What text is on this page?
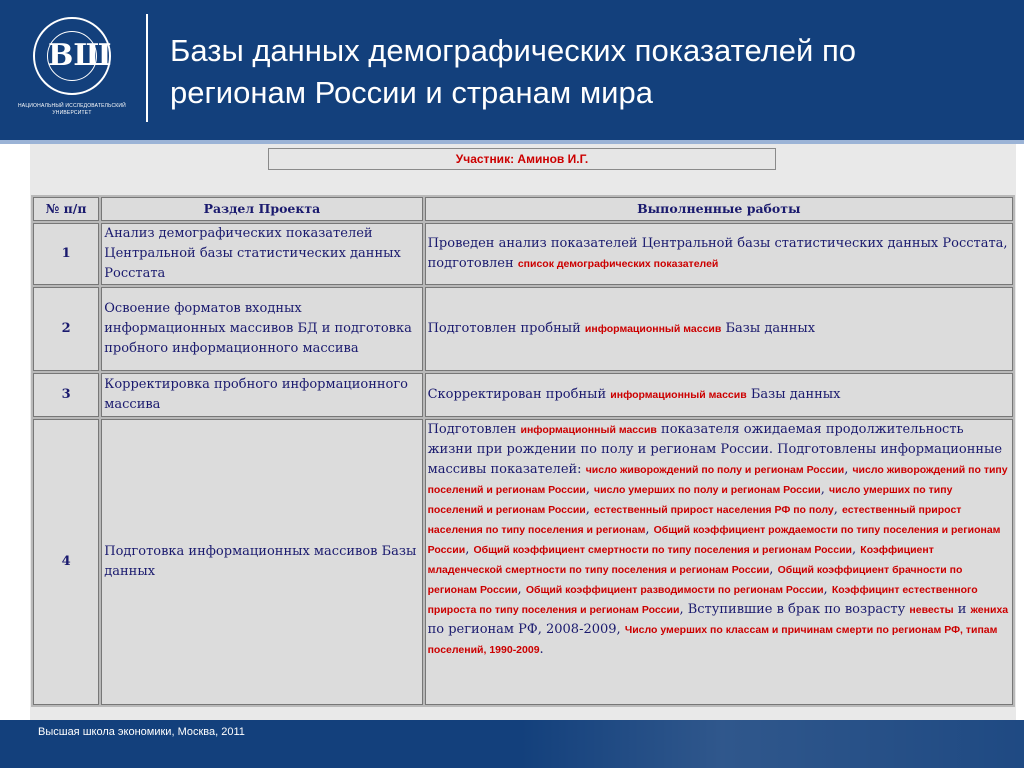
ВШ
НАЦИОНАЛЬНЫЙ ИССЛЕДОВАТЕЛЬСКИЙ
УНИВЕРСИТЕТ
Базы данных демографических показателей по
регионам России и странам мира
Участник: Аминов И.Г.
№ п/п	Раздел Проекта	Выполненные работы
1	Анализ демографических показателей Центральной базы статистических данных Росстата	Проведен анализ показателей Центральной базы статистических данных Росстата, подготовлен список демографических показателей
2	Освоение форматов входных информационных массивов БД и подготовка пробного информационного массива	Подготовлен пробный информационный массив Базы данных
3	Корректировка пробного информационного массива	Скорректирован пробный информационный массив Базы данных
4	Подготовка информационных массивов Базы данных	Подготовлен информационный массив показателя ожидаемая продолжительность жизни при рождении по полу и регионам России. Подготовлены информационные массивы показателей: число живорождений по полу и регионам России, число живорождений по типу поселений и регионам России, число умерших по полу и регионам России, число умерших по типу поселений и регионам России, естественный прирост населения РФ по полу, естественный прирост населения по типу поселения и регионам, Общий коэффициент рождаемости по типу поселения и регионам России, Общий коэффициент смертности по типу поселения и регионам России, Коэффициент младенческой смертности по типу поселения и регионам России, Общий коэффициент брачности по регионам России, Общий коэффициент разводимости по регионам России, Коэффицинт естественного прироста по типу поселения и регионам России, Вступившие в брак по возрасту невесты и женихa по регионам РФ, 2008-2009, Число умерших по классам и причинам смерти по регионам РФ, типам поселений, 1990-2009.
Высшая школа экономики, Москва, 2011
